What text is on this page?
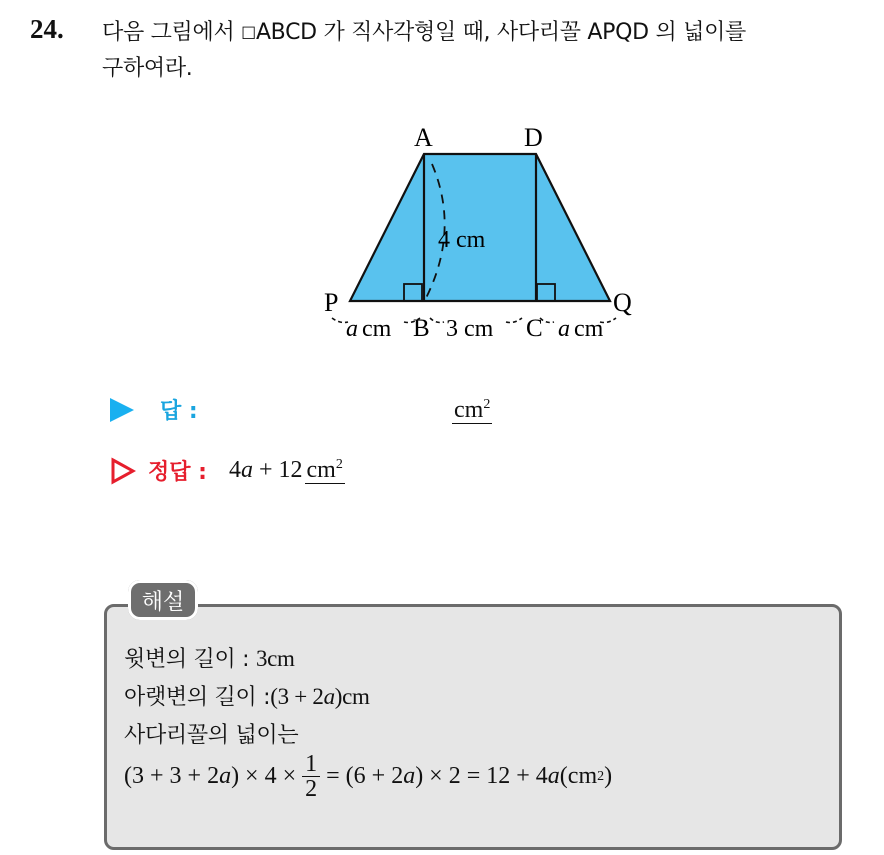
24. 다음 그림에서 □ABCD 가 직사각형일 때, 사다리꼴 APQD 의 넓이를
구하여라.
A	D
P	Q
B	C
4 cm
a cm 3 cm	a cm
답 :	$cm^2$
정답 : 4a + 12 $cm^2$
해설
윗변의 길이 : 3cm
아랫변의 길이 :(3 + 2a)cm
사다리꼴의 넓이는
(3 + 3 + 2 a ) × $4 \times \frac{1}{2} = (6 + 2$ a ) × 2 = 12 + 4 a (cm 2 )
